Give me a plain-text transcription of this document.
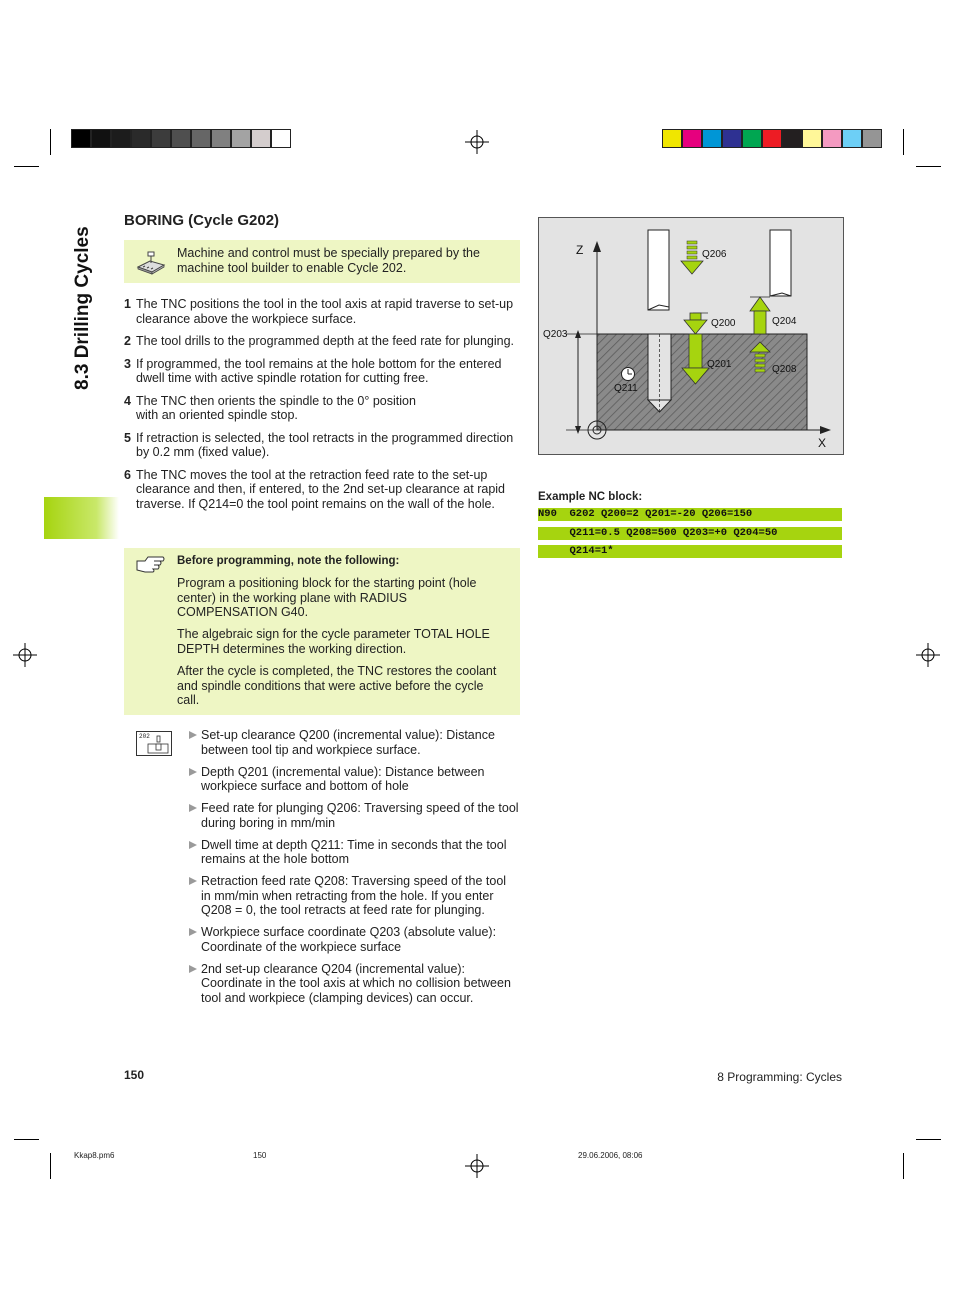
8.3 Drilling Cycles
BORING (Cycle G202)

Machine and control must be specially prepared by the machine tool builder to enable Cycle 202.

1 The TNC positions the tool in the tool axis at rapid traverse to set-up clearance above the workpiece surface.
2 The tool drills to the programmed depth at the feed rate for plunging.
3 If programmed, the tool remains at the hole bottom for the entered dwell time with active spindle rotation for cutting free.
4 The TNC then orients the spindle to the 0° position with an oriented spindle stop.
5 If retraction is selected, the tool retracts in the programmed direction by 0.2 mm (fixed value).
6 The TNC moves the tool at the retraction feed rate to the set-up clearance and then, if entered, to the 2nd set-up clearance at rapid traverse. If Q214=0 the tool point remains on the wall of the hole.

Before programming, note the following:

Program a positioning block for the starting point (hole center) in the working plane with RADIUS COMPENSATION G40.

The algebraic sign for the cycle parameter TOTAL HOLE DEPTH determines the working direction.

After the cycle is completed, the TNC restores the coolant and spindle conditions that were active before the cycle call.

202	Set-up clearance Q200 (incremental value): Distance between tool tip and workpiece surface.
Depth Q201 (incremental value): Distance between workpiece surface and bottom of hole
Feed rate for plunging Q206: Traversing speed of the tool during boring in mm/min
Dwell time at depth Q211: Time in seconds that the tool remains at the hole bottom
Retraction feed rate Q208: Traversing speed of the tool in mm/min when retracting from the hole. If you enter Q208 = 0, the tool retracts at feed rate for plunging.
Workpiece surface coordinate Q203 (absolute value): Coordinate of the workpiece surface
2nd set-up clearance Q204 (incremental value): Coordinate in the tool axis at which no collision between tool and workpiece (clamping devices) can occur.
Z
X
Q206
Q200	Q204
Q203
Q201	Q208
Q211
Example NC block:
N90  G202 Q200=2 Q201=-20 Q206=150
Q211=0.5 Q208=500 Q203=+0 Q204=50
Q214=1*
150	8 Programming: Cycles
Kkap8.pm6	150	29.06.2006, 08:06
